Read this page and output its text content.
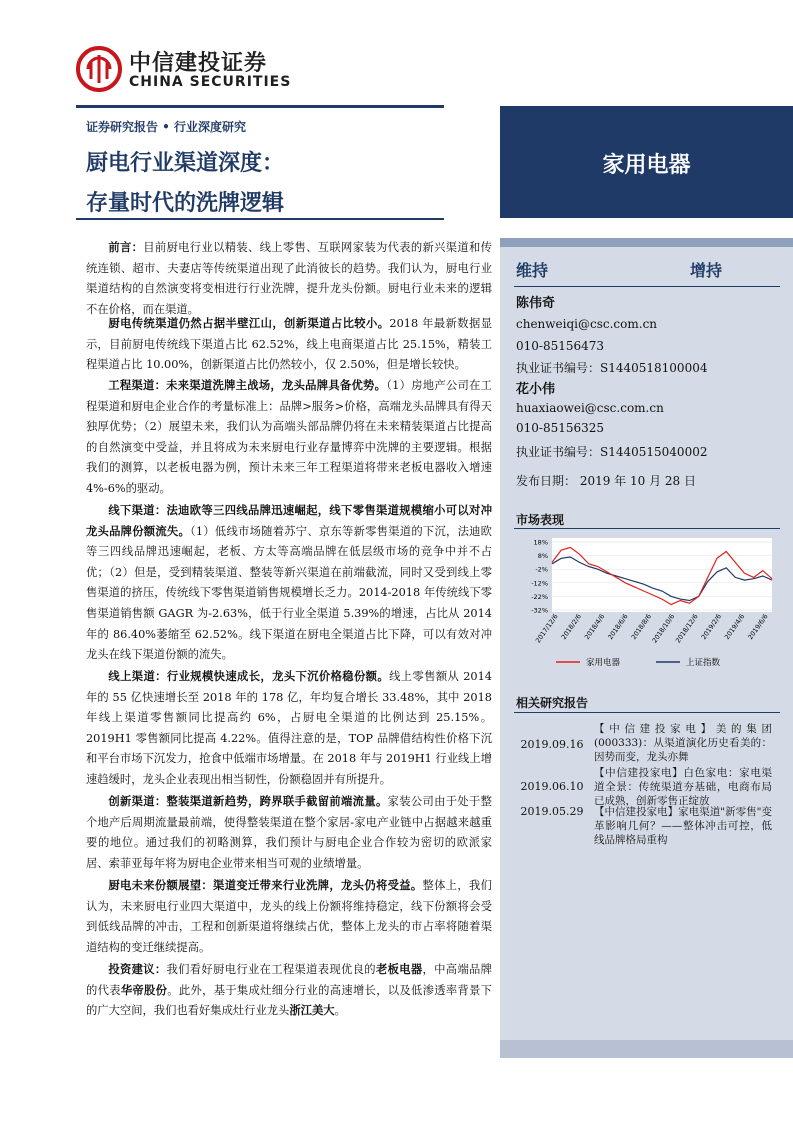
中信建投证券
CHINA SECURITIES
证券研究报告 • 行业深度研究
厨电行业渠道深度：
存量时代的洗牌逻辑
家用电器
维持	增持
陈伟奇
chenweiqi@csc.com.cn
010-85156473
执业证书编号：S1440518100004
花小伟
huaxiaowei@csc.com.cn
010-85156325
执业证书编号：S1440515040002
发布日期： 2019 年 10 月 28 日
市场表现
18%
8%
-2%
-12%
-22%
-32%
2017/12/6 2018/2/6 2018/4/6 2018/6/6 2018/8/6
2018/10/6
2018/12/6 2019/2/6 2019/4/6 2019/6/6
家用电器	上证指数
相关研究报告
2019.09.16
【中信建投家电】美的集团(000333)：从渠道演化历史看美的：因势而变，龙头亦舞
2019.06.10
【中信建投家电】白色家电：家电渠道全景：传统渠道夯基础，电商布局已成熟，创新零售正绽放
2019.05.29	【中信建投家电】家电渠道"新零售"变革影响几何？——整体冲击可控，低线品牌格局重构
前言：目前厨电行业以精装、线上零售、互联网家装为代表的新兴渠道和传统连锁、超市、夫妻店等传统渠道出现了此消彼长的趋势。我们认为，厨电行业渠道结构的自然演变将变相进行行业洗牌，提升龙头份额。厨电行业未来的逻辑不在价格，而在渠道。
厨电传统渠道仍然占据半壁江山，创新渠道占比较小。2018 年最新数据显示，目前厨电传统线下渠道占比 62.52%，线上电商渠道占比 25.15%，精装工程渠道占比 10.00%，创新渠道占比仍然较小，仅 2.50%，但是增长较快。
工程渠道：未来渠道洗牌主战场，龙头品牌具备优势。（1）房地产公司在工程渠道和厨电企业合作的考量标准上：品牌>服务>价格，高端龙头品牌具有得天独厚优势；（2）展望未来，我们认为高端头部品牌仍将在未来精装渠道占比提高的自然演变中受益，并且将成为未来厨电行业存量博弈中洗牌的主要逻辑。根据我们的测算，以老板电器为例，预计未来三年工程渠道将带来老板电器收入增速 4%-6%的驱动。
线下渠道：法迪欧等三四线品牌迅速崛起，线下零售渠道规模缩小可以对冲龙头品牌份额流失。（1）低线市场随着苏宁、京东等新零售渠道的下沉，法迪欧等三四线品牌迅速崛起，老板、方太等高端品牌在低层级市场的竞争中并不占优；（2）但是，受到精装渠道、整装等新兴渠道在前端截流，同时又受到线上零售渠道的挤压，传统线下零售渠道销售规模增长乏力。2014-2018 年传统线下零售渠道销售额 GAGR 为-2.63%，低于行业全渠道 5.39%的增速，占比从 2014 年的 86.40%萎缩至 62.52%。线下渠道在厨电全渠道占比下降，可以有效对冲龙头在线下渠道份额的流失。
线上渠道：行业规模快速成长，龙头下沉价格稳份额。线上零售额从 2014 年的 55 亿快速增长至 2018 年的 178 亿，年均复合增长 33.48%，其中 2018 年线上渠道零售额同比提高约 6%，占厨电全渠道的比例达到 25.15%。2019H1 零售额同比提高 4.22%。值得注意的是，TOP 品牌借结构性价格下沉和平台市场下沉发力，抢食中低端市场增量。在 2018 年与 2019H1 行业线上增速趋缓时，龙头企业表现出相当韧性，份额稳固并有所提升。
创新渠道：整装渠道新趋势，跨界联手截留前端流量。家装公司由于处于整个地产后周期流量最前端，使得整装渠道在整个家居-家电产业链中占据越来越重要的地位。通过我们的初略测算，我们预计与厨电企业合作较为密切的欧派家居、索菲亚每年将为厨电企业带来相当可观的业绩增量。
厨电未来份额展望：渠道变迁带来行业洗牌，龙头仍将受益。整体上，我们认为，未来厨电行业四大渠道中，龙头的线上份额将维持稳定，线下份额将会受到低线品牌的冲击，工程和创新渠道将继续占优，整体上龙头的市占率将随着渠道结构的变迁继续提高。
投资建议：我们看好厨电行业在工程渠道表现优良的老板电器，中高端品牌的代表华帝股份。此外，基于集成灶细分行业的高速增长，以及低渗透率背景下的广大空间，我们也看好集成灶行业龙头浙江美大。
